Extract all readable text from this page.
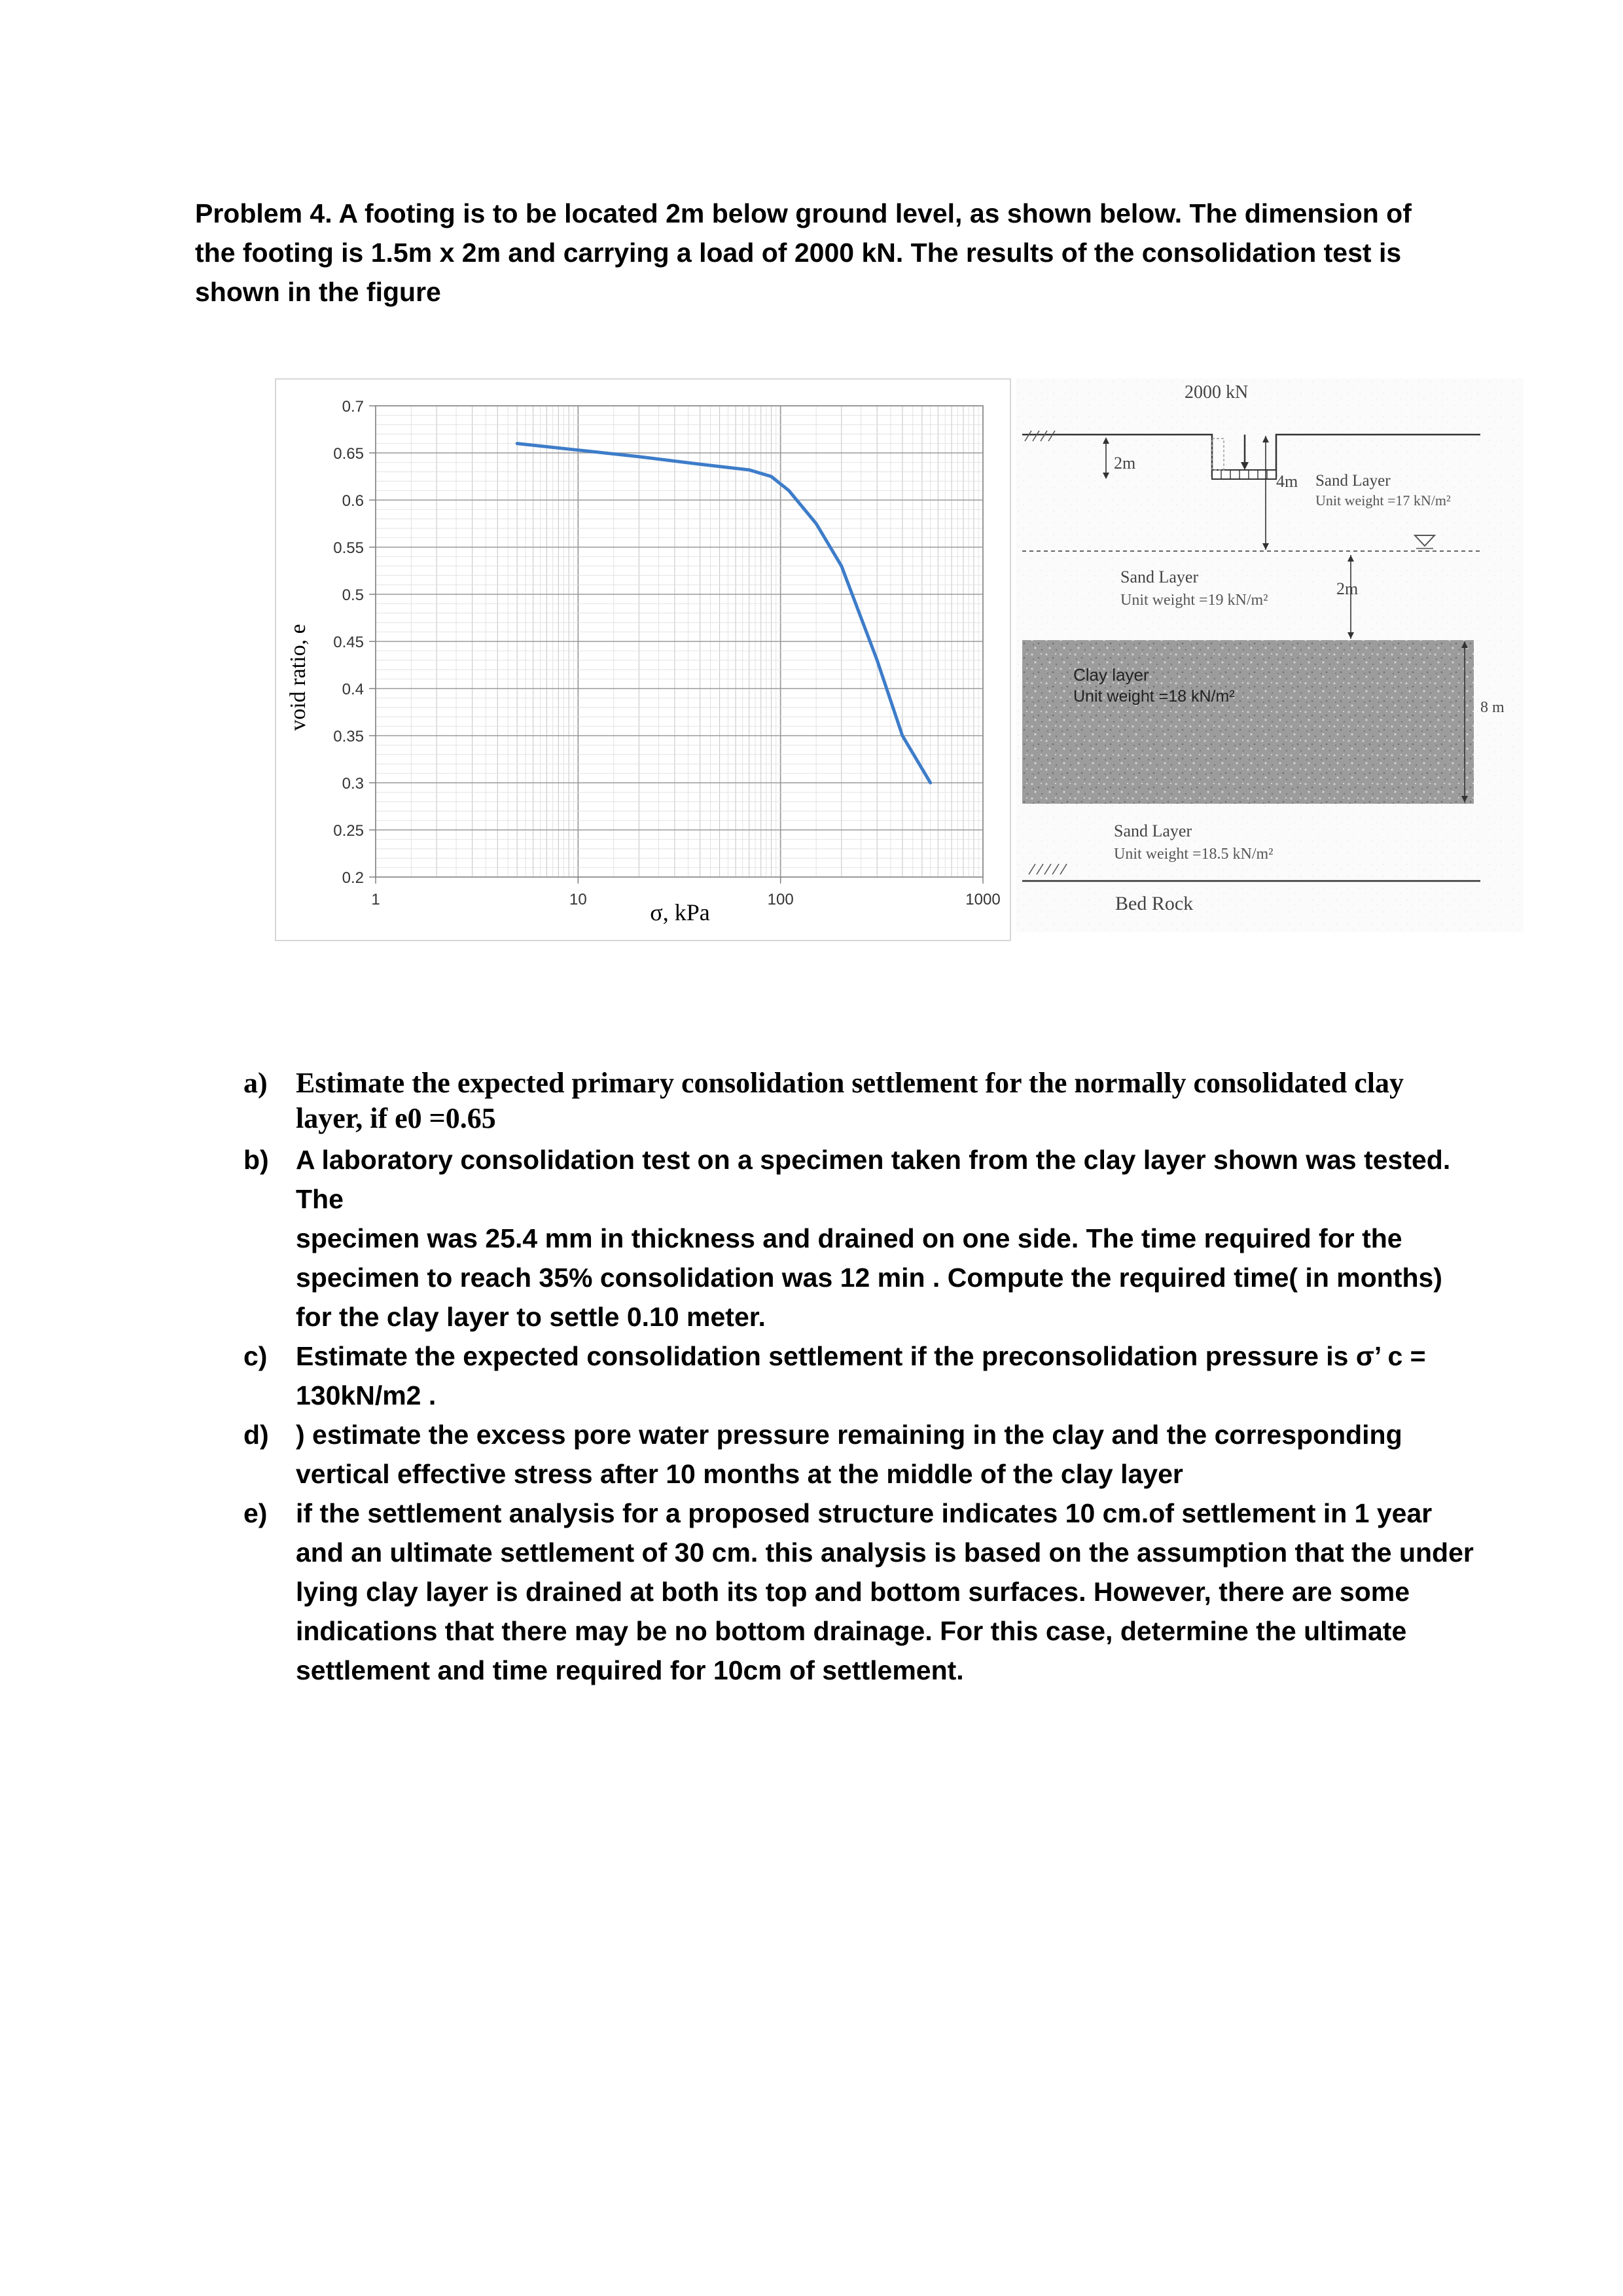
Problem 4. A footing is to be located 2m below ground level, as shown below. The dimension of the footing is 1.5m x 2m and carrying a load of 2000 kN. The results of the consolidation test is shown in the figure
0.7
0.65
0.6
0.55
0.5
0.45
0.4
0.35
0.3
0.25
0.2
1	10	100	1000
void ratio, e
σ, kPa
2000 kN
2m
4m Sand Layer
Unit weight =17 kN/m²
Sand Layer
Unit weight =19 kN/m²
2m
Clay layer
Unit weight =18 kN/m²
8 m
Sand Layer
Unit weight =18.5 kN/m²
Bed Rock
a) Estimate the expected primary consolidation settlement for the normally consolidated clay layer, if e0 =0.65
b) A laboratory consolidation test on a specimen taken from the clay layer shown was tested. The
specimen was 25.4 mm in thickness and drained on one side. The time required for the specimen to reach 35% consolidation was 12 min . Compute the required time( in months) for the clay layer to settle 0.10 meter.
c) Estimate the expected consolidation settlement if the preconsolidation pressure is σ’ c = 130kN/m2 .
d) ) estimate the excess pore water pressure remaining in the clay and the corresponding vertical effective stress after 10 months at the middle of the clay layer
e) if the settlement analysis for a proposed structure indicates 10 cm.of settlement in 1 year and an ultimate settlement of 30 cm. this analysis is based on the assumption that the under lying clay layer is drained at both its top and bottom surfaces. However, there are some indications that there may be no bottom drainage. For this case, determine the ultimate settlement and time required for 10cm of settlement.
